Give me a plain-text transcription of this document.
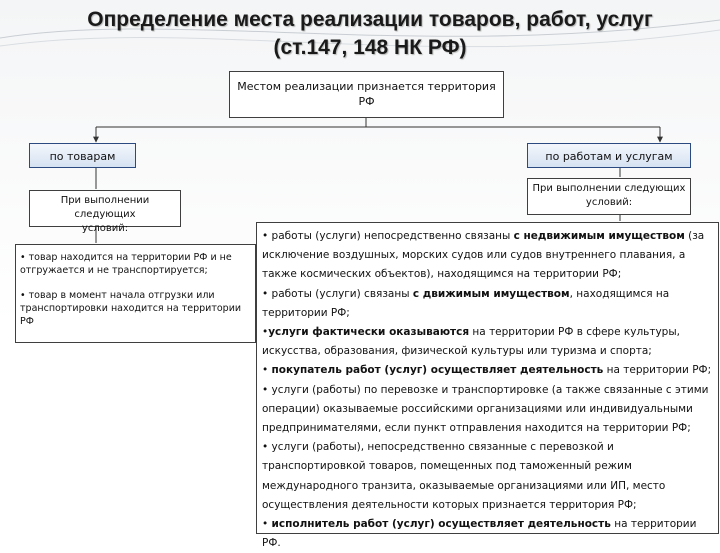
Определение места реализации товаров, работ, услуг
(ст.147, 148 НК РФ)
Местом реализации признается территория
РФ
по товарам	по работам и услугам
При выполнении следующих
условий:
При выполнении следующих
условий:

• товар находится на территории РФ и не отгружается и не транспортируется;

• товар в момент начала отгрузки или транспортировки находится на территории РФ

• работы (услуги) непосредственно связаны с недвижимым имуществом (за исключение воздушных, морских судов или судов внутреннего плавания, а также космических объектов), находящимся на территории РФ;

• работы (услуги) связаны с движимым имуществом, находящимся на территории РФ;

•услуги фактически оказываются на территории РФ в сфере культуры, искусства, образования, физической культуры или туризма и спорта;

• покупатель работ (услуг) осуществляет деятельность на территории РФ;

• услуги (работы) по перевозке и транспортировке (а также связанные с этими операции) оказываемые российскими организациями или индивидуальными предпринимателями, если пункт отправления находится на территории РФ;

• услуги (работы), непосредственно связанные с перевозкой и транспортировкой товаров, помещенных под таможенный режим международного транзита, оказываемые организациями или ИП, место осуществления деятельности которых признается территория РФ;

• исполнитель работ (услуг) осуществляет деятельность на территории РФ.
